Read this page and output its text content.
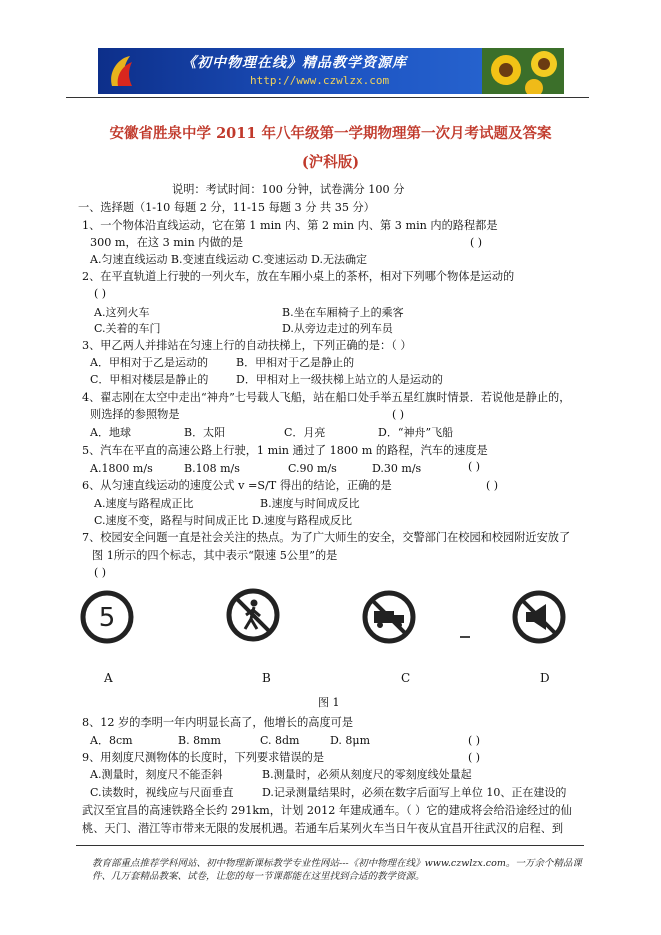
《初中物理在线》精品教学资源库
http://www.czwlzx.com
安徽省胜泉中学 2011 年八年级第一学期物理第一次月考试题及答案
(沪科版)
说明：考试时间：100 分钟，试卷满分 100 分
一、选择题（1-10 每题 2 分，11-15 每题 3 分 共 35 分）
1、一个物体沿直线运动，它在第 1 min 内、第 2 min 内、第 3 min 内的路程都是
300 m，在这 3 min 内做的是	( )
A.匀速直线运动 B.变速直线运动 C.变速运动 D.无法确定
2、在平直轨道上行驶的一列火车，放在车厢小桌上的茶杯，相对下列哪个物体是运动的
( )
A.这列火车	B.坐在车厢椅子上的乘客
C.关着的车门	D.从旁边走过的列车员
3、甲乙两人并排站在匀速上行的自动扶梯上，下列正确的是：（ ）
A．甲相对于乙是运动的	B．甲相对于乙是静止的
C．甲相对楼层是静止的	D．甲相对上一级扶梯上站立的人是运动的
4、翟志刚在太空中走出“神舟”七号载人飞船，站在船口处手举五星红旗时情景．若说他是静止的，
则选择的参照物是	( )
A．地球	B．太阳	C．月亮	D．“神舟”飞船
5、汽车在平直的高速公路上行驶，1 min 通过了 1800 m 的路程，汽车的速度是
A.1800 m/s	B.108 m/s	C.90 m/s	D.30 m/s	( )
6、从匀速直线运动的速度公式 v =S/T 得出的结论，正确的是	( )
A.速度与路程成正比	B.速度与时间成反比
C.速度不变，路程与时间成正比 D.速度与路程成反比
7、校园安全问题一直是社会关注的热点。为了广大师生的安全，交警部门在校园和校园附近安放了
图 1所示的四个标志，其中表示“限速 5公里”的是
( )
5
A	B	C	D
图 1
8、12 岁的李明一年内明显长高了，他增长的高度可是
A．8cm	B. 8mm	C. 8dm	D. 8μm	( )
9、用刻度尺测物体的长度时，下列要求错误的是	( )
A.测量时，刻度尺不能歪斜	B.测量时，必须从刻度尺的零刻度线处量起
C.读数时，视线应与尺面垂直	D.记录测量结果时，必须在数字后面写上单位 10、正在建设的
武汉至宜昌的高速铁路全长约 291km，计划 2012 年建成通车。（ ）它的建成将会给沿途经过的仙
桃、天门、潜江等市带来无限的发展机遇。若通车后某列火车当日午夜从宜昌开往武汉的启程、到
教育部重点推荐学科网站、初中物理新课标教学专业性网站---《初中物理在线》www.czwlzx.com。一万余个精品课
件、几万套精品教案、试卷，让您的每一节课都能在这里找到合适的教学资源。
